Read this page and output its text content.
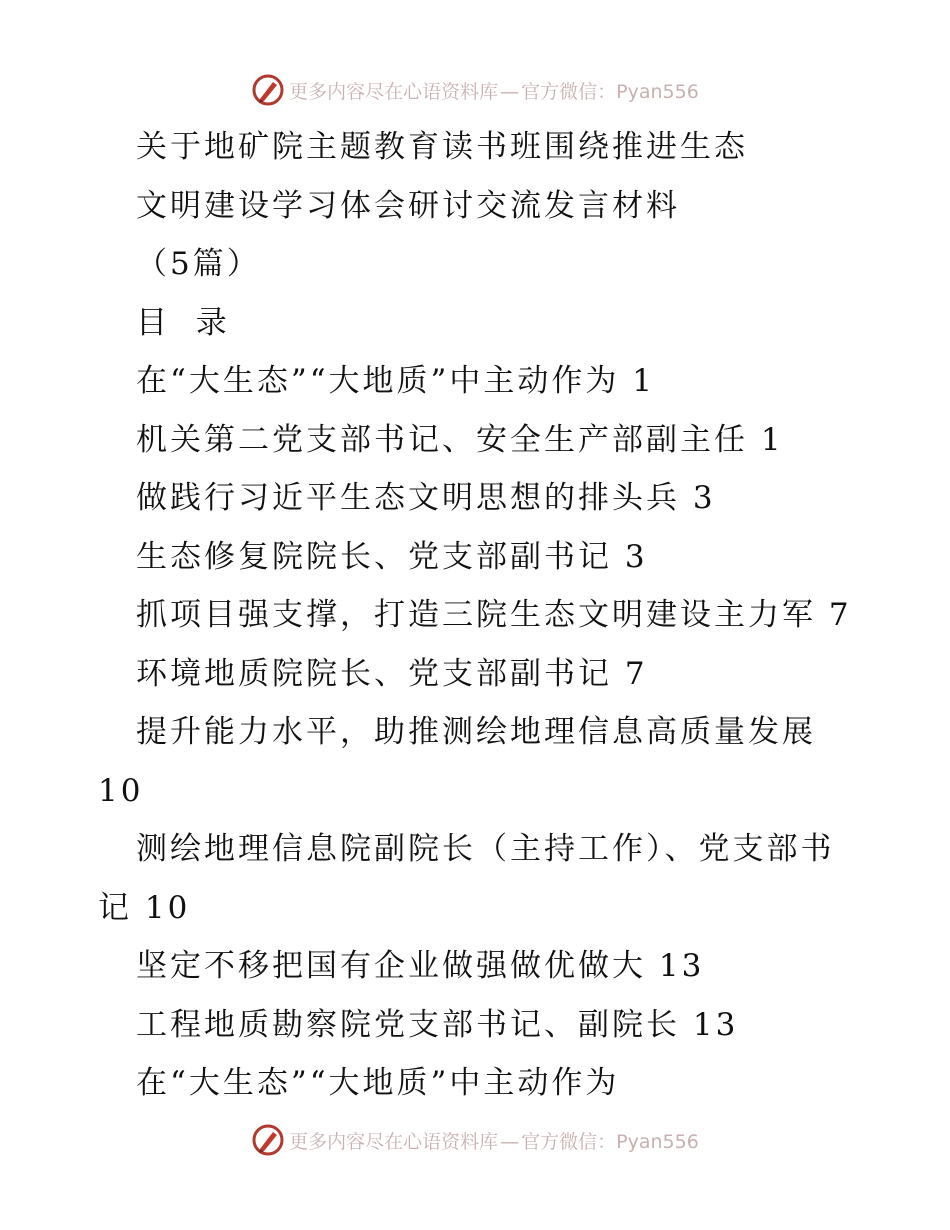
更多内容尽在心语资料库 — 官方微信：Pyan556
关于地矿院主题教育读书班围绕推进生态
文明建设学习体会研讨交流发言材料
（5篇）
目  录
在“大生态”“大地质”中主动作为 1
机关第二党支部书记、安全生产部副主任 1
做践行习近平生态文明思想的排头兵 3
生态修复院院长、党支部副书记 3
抓项目强支撑，打造三院生态文明建设主力军 7
环境地质院院长、党支部副书记 7
提升能力水平，助推测绘地理信息高质量发展
10
测绘地理信息院副院长（主持工作）、党支部书
记 10
坚定不移把国有企业做强做优做大 13
工程地质勘察院党支部书记、副院长 13
在“大生态”“大地质”中主动作为
更多内容尽在心语资料库 — 官方微信：Pyan556
